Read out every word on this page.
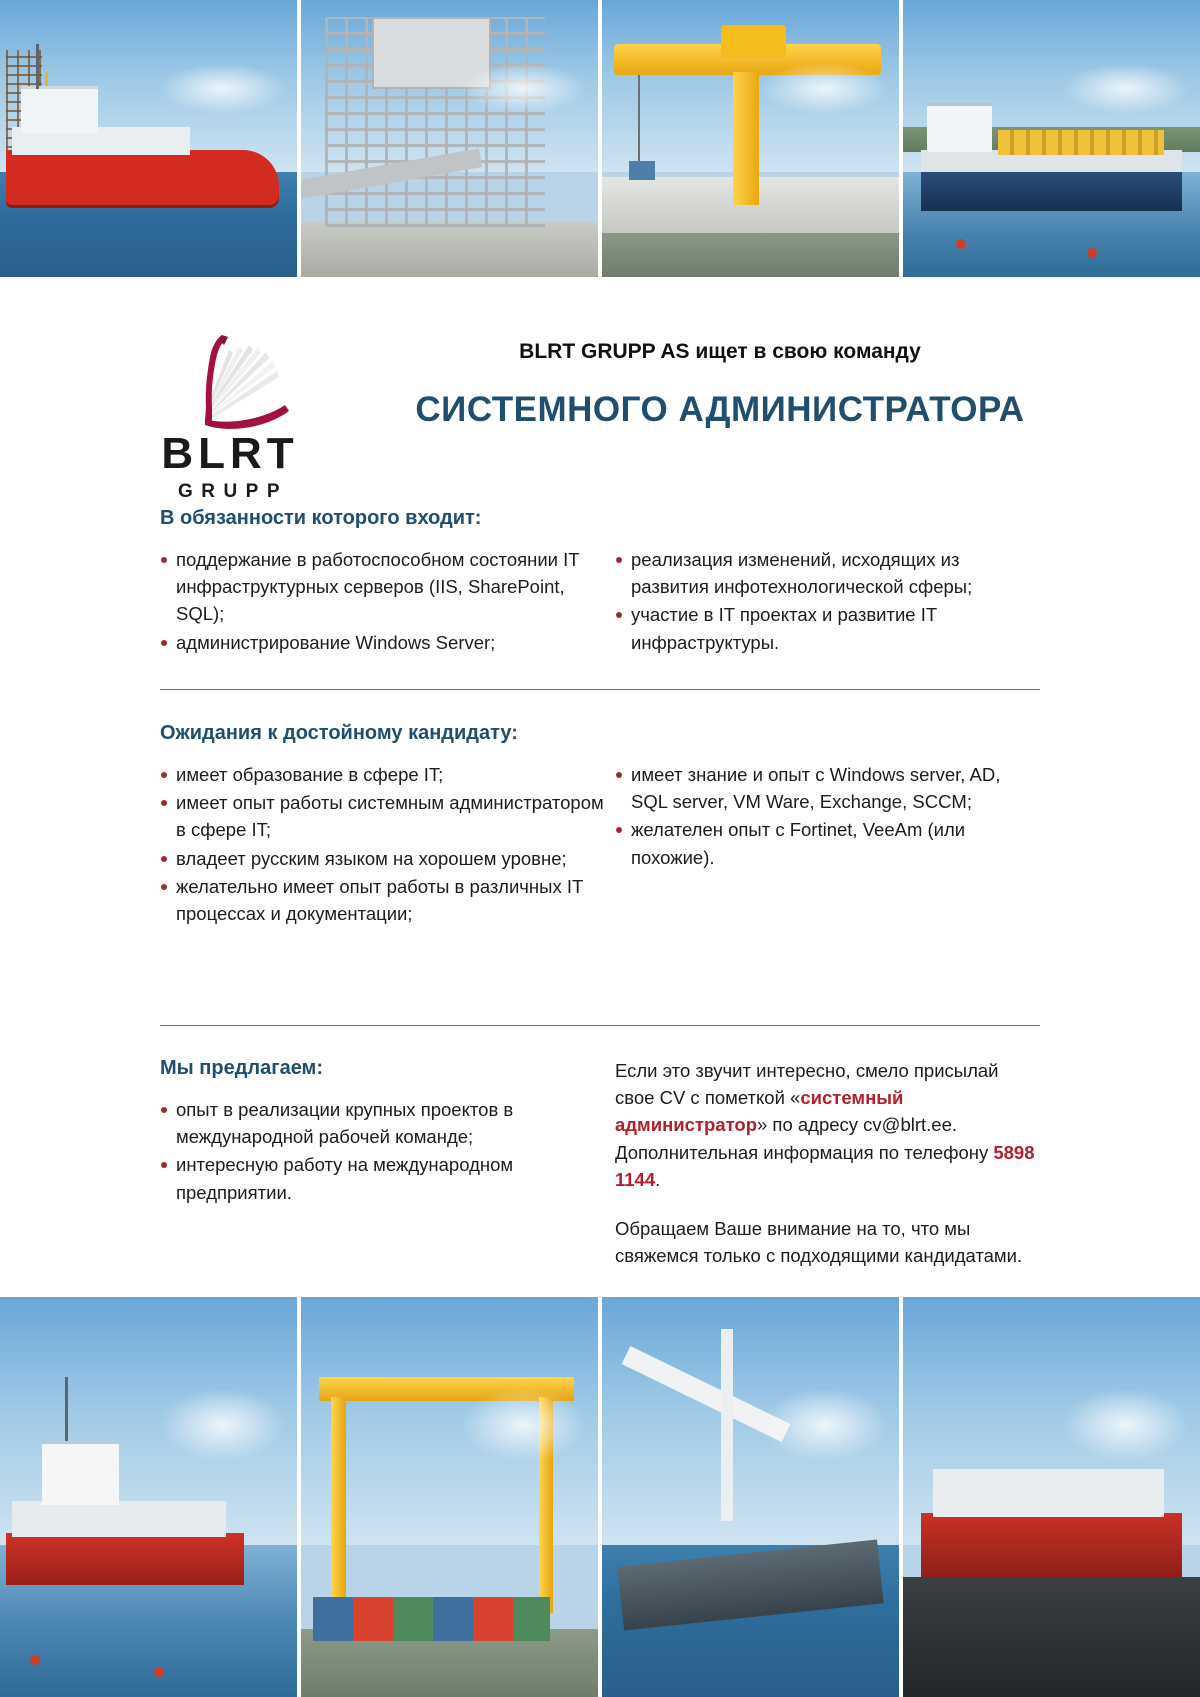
BLRT
GRUPP
BLRT GRUPP AS ищет в свою команду
СИСТЕМНОГО АДМИНИСТРАТОРА
В обязанности которого входит:
поддержание в работоспособном состоянии IT инфраструктурных серверов (IIS, SharePoint, SQL);
администрирование Windows Server;
реализация изменений, исходящих из развития инфотехнологической сферы;
участие в IT проектах и развитие IT инфраструктуры.
Ожидания к достойному кандидату:
имеет образование в сфере IT;
имеет опыт работы системным администратором в сфере IT;
владеет русским языком на хорошем уровне;
желательно имеет опыт работы в различных IT процессах и документации;
имеет знание и опыт с Windows server, AD, SQL server, VM Ware, Exchange, SCCM;
желателен опыт с Fortinet, VeeAm (или похожие).
Мы предлагаем:
опыт в реализации крупных проектов в международной рабочей команде;
интересную работу на международном предприятии.

Если это звучит интересно, смело присылай свое CV с пометкой «системный администратор» по адресу cv@blrt.ee. Дополнительная информация по телефону 5898 1144.

Обращаем Ваше внимание на то, что мы свяжемся только с подходящими кандидатами.
